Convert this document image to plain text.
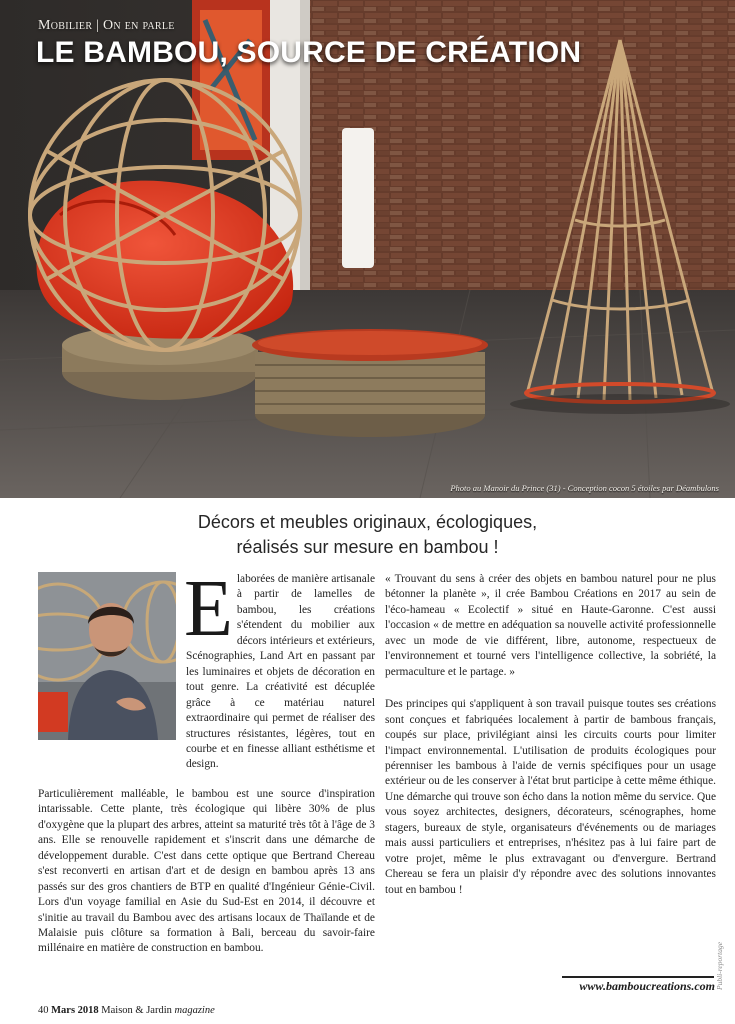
Mobilier | On en parle
LE BAMBOU, SOURCE DE CRÉATION
Photo au Manoir du Prince (31) - Conception cocon 5 étoiles par Déambulons
Décors et meubles originaux, écologiques,
réalisés sur mesure en bambou !

Elaborées de manière artisanale à partir de lamelles de bambou, les créations s'étendent du mobilier aux décors intérieurs et extérieurs, Scénographies, Land Art en passant par les luminaires et objets de décoration en tout genre. La créativité est décuplée grâce à ce matériau naturel extraordinaire qui permet de réaliser des structures résistantes, légères, tout en courbe et en finesse alliant esthétisme et design.

Particulièrement malléable, le bambou est une source d'inspiration intarissable. Cette plante, très écologique qui libère 30% de plus d'oxygène que la plupart des arbres, atteint sa maturité très tôt à l'âge de 3 ans. Elle se renouvelle rapidement et s'inscrit dans une démarche de développement durable. C'est dans cette optique que Bertrand Chereau s'est reconverti en artisan d'art et de design en bambou après 13 ans passés sur des gros chantiers de BTP en qualité d'Ingénieur Génie-Civil. Lors d'un voyage familial en Asie du Sud-Est en 2014, il découvre et s'initie au travail du Bambou avec des artisans locaux de Thaïlande et de Malaisie puis clôture sa formation à Bali, berceau du savoir-faire millénaire en matière de construction en bambou.

« Trouvant du sens à créer des objets en bambou naturel pour ne plus bétonner la planète », il crée Bambou Créations en 2017 au sein de l'éco-hameau « Ecolectif » situé en Haute-Garonne. C'est aussi l'occasion « de mettre en adéquation sa nouvelle activité professionnelle avec un mode de vie différent, libre, autonome, respectueux de l'environnement et tourné vers l'intelligence collective, la sobriété, la permaculture et le partage. »

Des principes qui s'appliquent à son travail puisque toutes ses créations sont conçues et fabriquées localement à partir de bambous français, coupés sur place, privilégiant ainsi les circuits courts pour limiter l'impact environnemental. L'utilisation de produits écologiques pour pérenniser les bambous à l'aide de vernis spécifiques pour un usage extérieur ou de les conserver à l'état brut participe à cette même éthique. Une démarche qui trouve son écho dans la notion même du service. Que vous soyez architectes, designers, décorateurs, scénographes, home stagers, bureaux de style, organisateurs d'événements ou de mariages mais aussi particuliers et entreprises, n'hésitez pas à lui faire part de votre projet, même le plus extravagant ou d'envergure. Bertrand Chereau se fera un plaisir d'y répondre avec des solutions innovantes tout en bambou !

www.bamboucreations.com
40 Mars 2018 Maison & Jardin magazine
Publi-reportage
